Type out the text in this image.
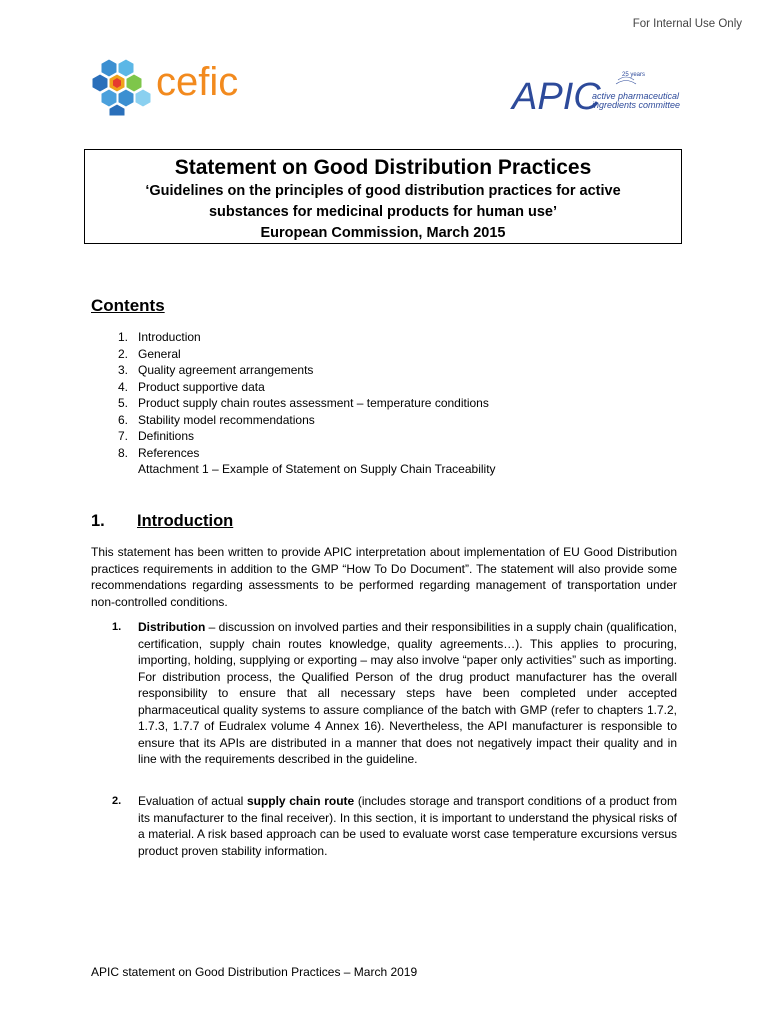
For Internal Use Only
cefic	APIC
active pharmaceutical
ingredients committee
25 years
Statement on Good Distribution Practices
‘Guidelines on the principles of good distribution practices for active
substances for medicinal products for human use’
European Commission, March 2015
Contents
1. Introduction
2. General
3. Quality agreement arrangements
4. Product supportive data
5. Product supply chain routes assessment – temperature conditions
6. Stability model recommendations
7. Definitions
8. References
Attachment 1 – Example of Statement on Supply Chain Traceability
1. Introduction
This statement has been written to provide APIC interpretation about implementation of EU Good Distribution practices requirements in addition to the GMP “How To Do Document”. The statement will also provide some recommendations regarding assessments to be performed regarding management of transportation under non-controlled conditions.
1.	Distribution – discussion on involved parties and their responsibilities in a supply chain (qualification, certification, supply chain routes knowledge, quality agreements…). This applies to procuring, importing, holding, supplying or exporting – may also involve “paper only activities” such as importing. For distribution process, the Qualified Person of the drug product manufacturer has the overall responsibility to ensure that all necessary steps have been completed under accepted pharmaceutical quality systems to assure compliance of the batch with GMP (refer to chapters 1.7.2, 1.7.3, 1.7.7 of Eudralex volume 4 Annex 16). Nevertheless, the API manufacturer is responsible to ensure that its APIs are distributed in a manner that does not negatively impact their quality and in line with the requirements described in the guideline.
2.	Evaluation of actual supply chain route (includes storage and transport conditions of a product from its manufacturer to the final receiver). In this section, it is important to understand the physical risks of a material. A risk based approach can be used to evaluate worst case temperature excursions versus product proven stability information.
APIC statement on Good Distribution Practices – March 2019
